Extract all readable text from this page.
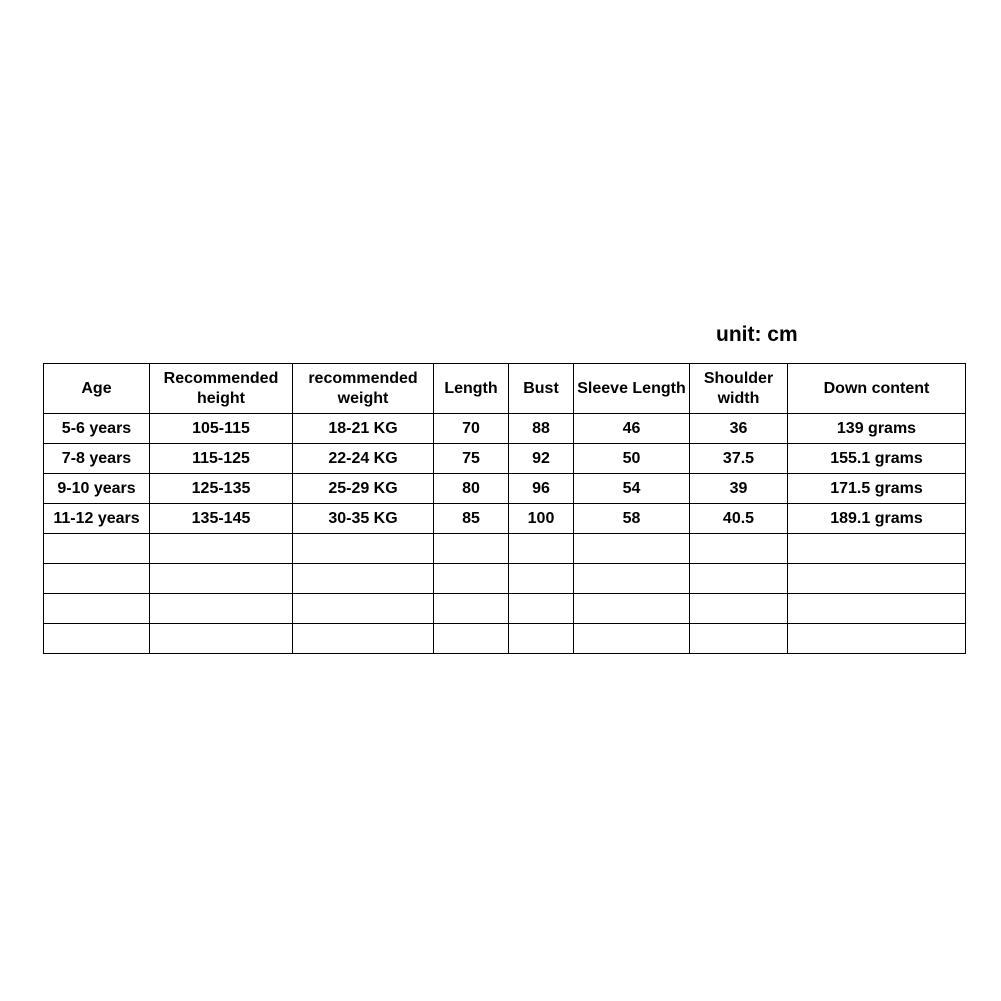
unit: cm
Age	Recommended height	recommended weight	Length	Bust	Sleeve Length	Shoulder width	Down content
5-6 years	105-115	18-21 KG	70	88	46	36	139 grams
7-8 years	115-125	22-24 KG	75	92	50	37.5	155.1 grams
9-10 years	125-135	25-29 KG	80	96	54	39	171.5 grams
11-12 years	135-145	30-35 KG	85	100	58	40.5	189.1 grams
